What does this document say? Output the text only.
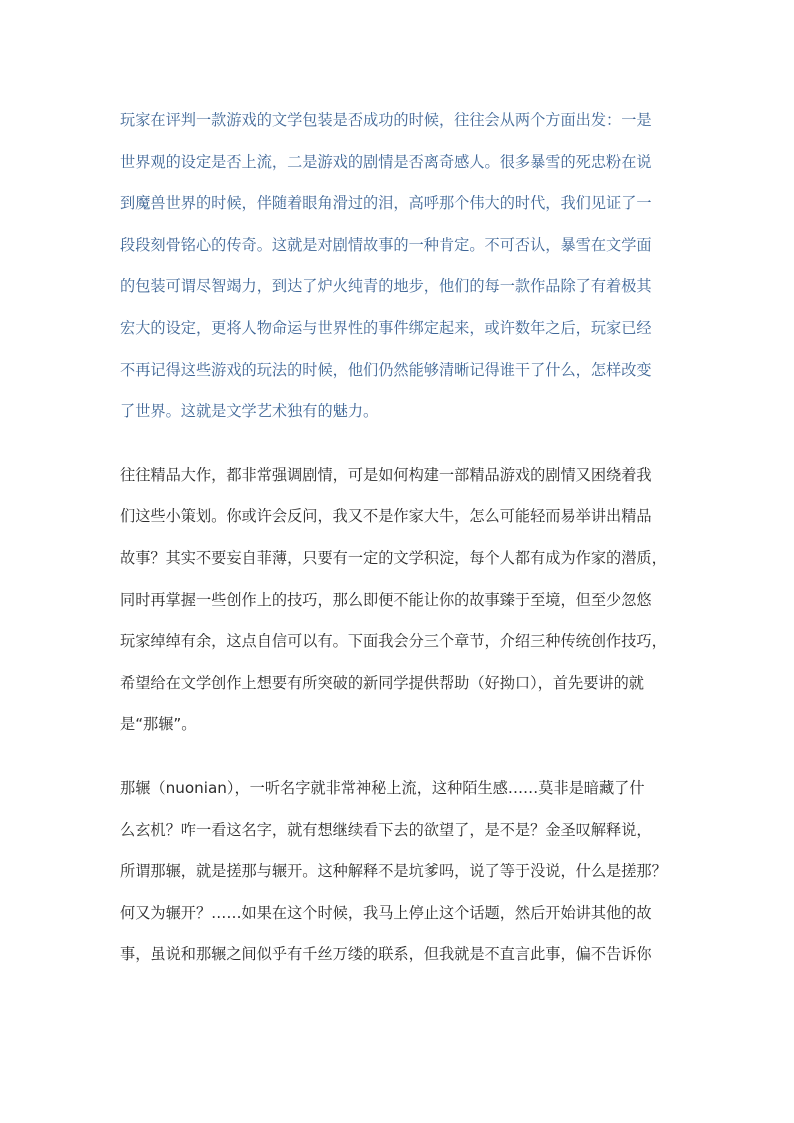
玩家在评判一款游戏的文学包装是否成功的时候，往往会从两个方面出发：一是
世界观的设定是否上流，二是游戏的剧情是否离奇感人。很多暴雪的死忠粉在说
到魔兽世界的时候，伴随着眼角滑过的泪，高呼那个伟大的时代，我们见证了一
段段刻骨铭心的传奇。这就是对剧情故事的一种肯定。不可否认，暴雪在文学面
的包装可谓尽智竭力，到达了炉火纯青的地步，他们的每一款作品除了有着极其
宏大的设定，更将人物命运与世界性的事件绑定起来，或许数年之后，玩家已经
不再记得这些游戏的玩法的时候，他们仍然能够清晰记得谁干了什么，怎样改变
了世界。这就是文学艺术独有的魅力。
往往精品大作，都非常强调剧情，可是如何构建一部精品游戏的剧情又困绕着我
们这些小策划。你或许会反问，我又不是作家大牛，怎么可能轻而易举讲出精品
故事？其实不要妄自菲薄，只要有一定的文学积淀，每个人都有成为作家的潜质，
同时再掌握一些创作上的技巧，那么即便不能让你的故事臻于至境，但至少忽悠
玩家绰绰有余，这点自信可以有。下面我会分三个章节，介绍三种传统创作技巧，
希望给在文学创作上想要有所突破的新同学提供帮助（好拗口），首先要讲的就
是“那辗”。
那辗（nuonian），一听名字就非常神秘上流，这种陌生感……莫非是暗藏了什
么玄机？咋一看这名字，就有想继续看下去的欲望了，是不是？金圣叹解释说，
所谓那辗，就是搓那与辗开。这种解释不是坑爹吗，说了等于没说，什么是搓那？
何又为辗开？……如果在这个时候，我马上停止这个话题，然后开始讲其他的故
事，虽说和那辗之间似乎有千丝万缕的联系，但我就是不直言此事，偏不告诉你
